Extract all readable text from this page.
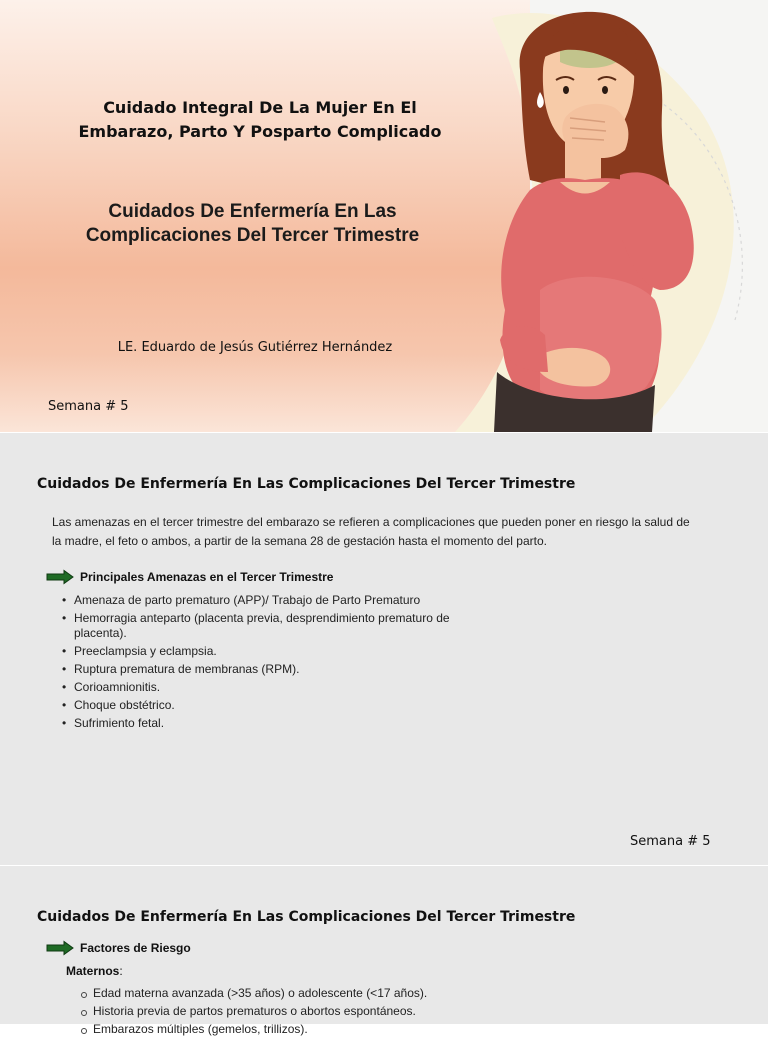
Cuidado Integral De La Mujer En El Embarazo, Parto Y Posparto Complicado
Cuidados De Enfermería En Las Complicaciones Del Tercer Trimestre
LE. Eduardo de Jesús Gutiérrez Hernández
Semana # 5
Cuidados De Enfermería En Las Complicaciones Del Tercer Trimestre

Las amenazas en el tercer trimestre del embarazo se refieren a complicaciones que pueden poner en riesgo la salud de la madre, el feto o ambos, a partir de la semana 28 de gestación hasta el momento del parto.

Principales Amenazas en el Tercer Trimestre
• Amenaza de parto prematuro (APP)/ Trabajo de Parto Prematuro
• Hemorragia anteparto (placenta previa, desprendimiento prematuro de placenta).
• Preeclampsia y eclampsia.
• Ruptura prematura de membranas (RPM).
• Corioamnionitis.
• Choque obstétrico.
• Sufrimiento fetal.
Semana # 5
Cuidados De Enfermería En Las Complicaciones Del Tercer Trimestre
Factores de Riesgo
Maternos:
Edad materna avanzada (>35 años) o adolescente (<17 años).
Historia previa de partos prematuros o abortos espontáneos.
Embarazos múltiples (gemelos, trillizos).
